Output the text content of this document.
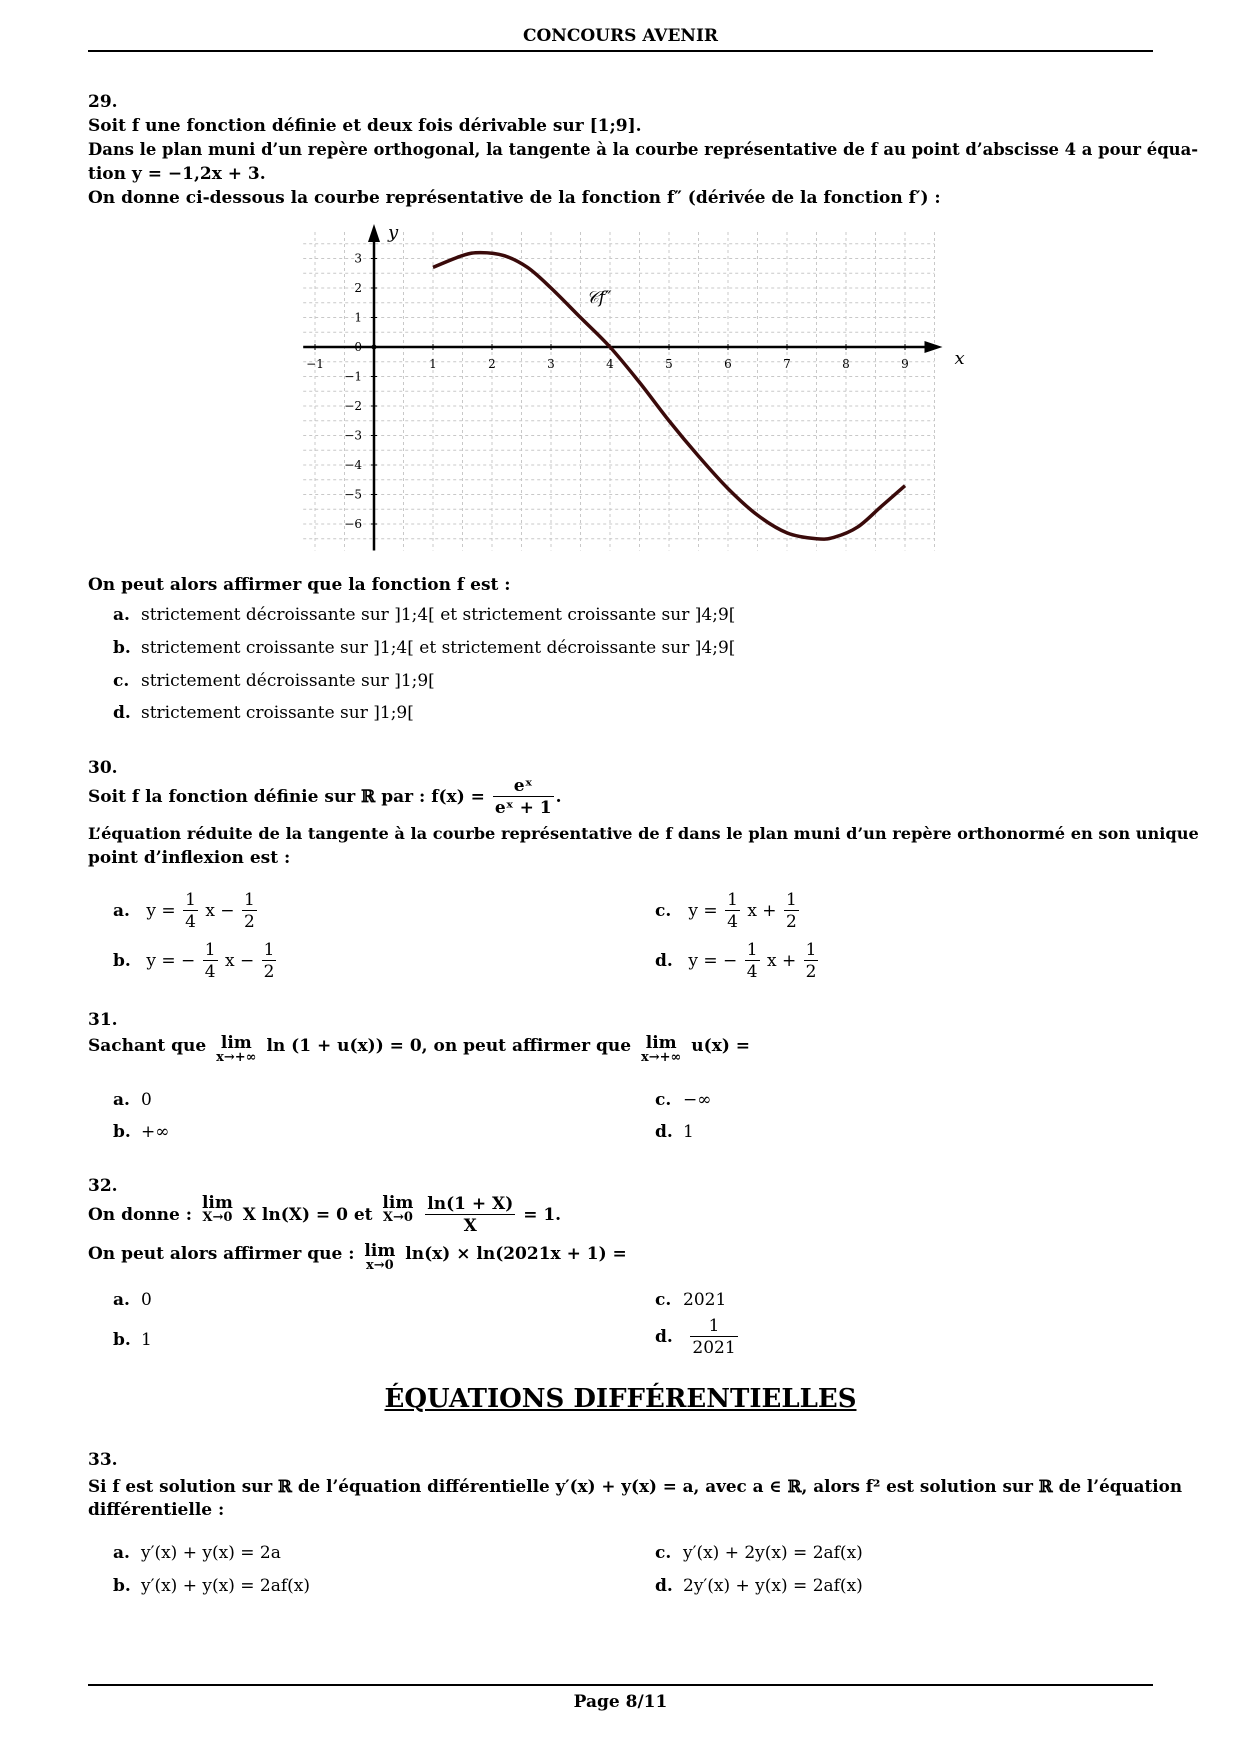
CONCOURS AVENIR
29.
Soit f une fonction définie et deux fois dérivable sur [1;9].
Dans le plan muni d’un repère orthogonal, la tangente à la courbe représentative de f au point d’abscisse 4 a pour équa-
tion y = −1,2x + 3.
On donne ci-dessous la courbe représentative de la fonction f″ (dérivée de la fonction f′) :
−1	1	2	3	4	5	6	7	8	9
3
2
1
−1
−2
−3
−4
−5
−6
0
x
y
𝒞f″
On peut alors affirmer que la fonction f est :
a. strictement décroissante sur ]1;4[ et strictement croissante sur ]4;9[
b. strictement croissante sur ]1;4[ et strictement décroissante sur ]4;9[
c. strictement décroissante sur ]1;9[
d. strictement croissante sur ]1;9[
30.
Soit f la fonction définie sur ℝ par : $f(x) = \frac{\text{eˣ}}{\text{eˣ + 1}}$ .
L’équation réduite de la tangente à la courbe représentative de f dans le plan muni d’un repère orthonormé en son unique
point d’inflexion est :
a. $y = \frac{1}{4}$ $x - \frac{1}{2}$
b. y = − $\frac{1}{4}$ $x - \frac{1}{2}$
c. $y = \frac{1}{4}$ $x + \frac{1}{2}$
d. y = − $\frac{1}{4}$ $x + \frac{1}{2}$
31.
Sachant que lim
x→+∞
ln (1 + u(x)) = 0, on peut affirmer que lim
x→+∞
u(x) =
a. 0
b. +∞
c. −∞
d. 1
32.
On donne : lim
X→0 X ln(X) = 0 et lim
X→0
$\frac{\ln(1 + X)}{X} = 1$.
On peut alors affirmer que : lim
x→0
ln(x) × ln(2021x + 1) =
a. 0
b. 1
c. 2021
d. $\frac{1}{2021}$
ÉQUATIONS DIFFÉRENTIELLES
33.
Si f est solution sur ℝ de l’équation différentielle y′(x) + y(x) = a, avec a ∈ ℝ, alors f² est solution sur ℝ de l’équation
différentielle :
a. y′(x) + y(x) = 2a
b. y′(x) + y(x) = 2af(x)
c. y′(x) + 2y(x) = 2af(x)
d. 2y′(x) + y(x) = 2af(x)
Page 8/11
